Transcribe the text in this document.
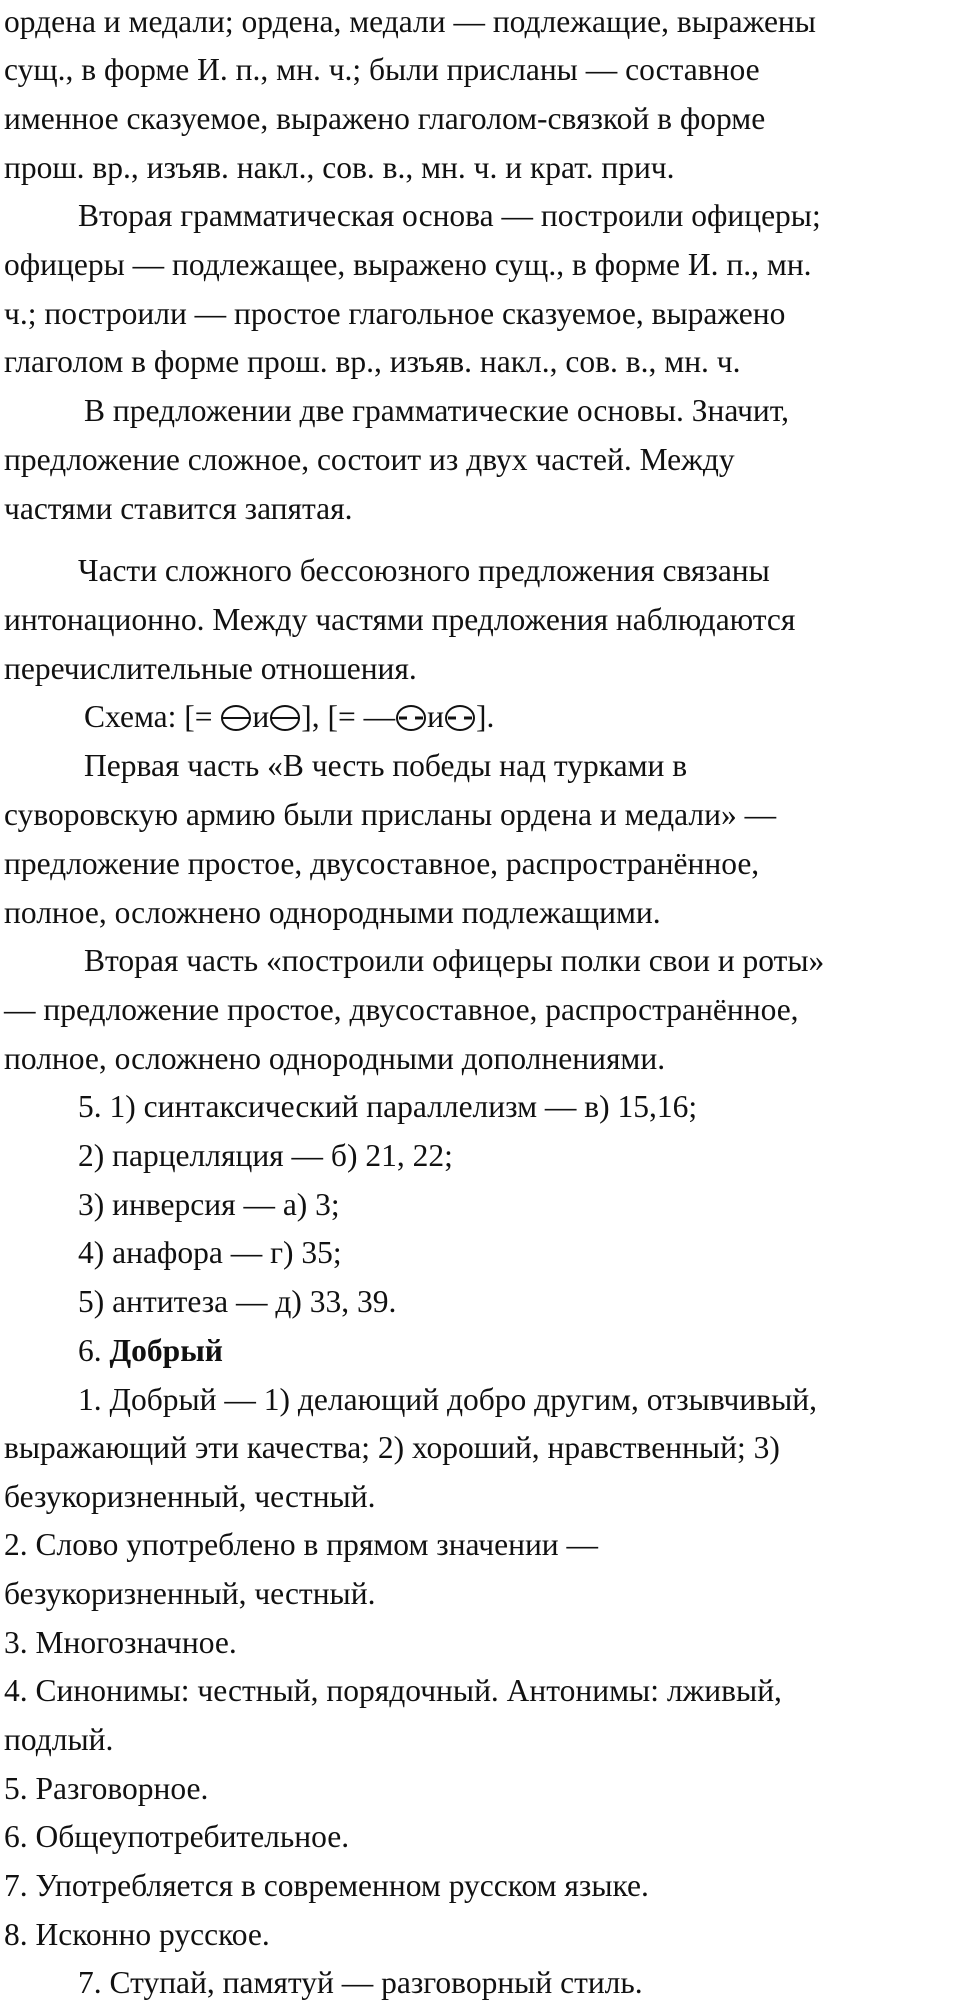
ордена и медали; ордена, медали — подлежащие, выражены
сущ., в форме И. п., мн. ч.; были присланы — составное
именное сказуемое, выражено глаголом-связкой в форме
прош. вр., изъяв. накл., сов. в., мн. ч. и крат. прич.
Вторая грамматическая основа — построили офицеры;
офицеры — подлежащее, выражено сущ., в форме И. п., мн.
ч.; построили — простое глагольное сказуемое, выражено
глаголом в форме прош. вр., изъяв. накл., сов. в., мн. ч.
В предложении две грамматические основы. Значит,
предложение сложное, состоит из двух частей. Между
частями ставится запятая.
Части сложного бессоюзного предложения связаны
интонационно. Между частями предложения наблюдаются
перечислительные отношения.
Схема: [= и ], [= — и ].
Первая часть «В честь победы над турками в
суворовскую армию были присланы ордена и медали» —
предложение простое, двусоставное, распространённое,
полное, осложнено однородными подлежащими.
Вторая часть «построили офицеры полки свои и роты»
— предложение простое, двусоставное, распространённое,
полное, осложнено однородными дополнениями.
5. 1) синтаксический параллелизм — в) 15,16;
2) парцелляция — б) 21, 22;
3) инверсия — а) 3;
4) анафора — г) 35;
5) антитеза — д) 33, 39.
6. Добрый
1. Добрый — 1) делающий добро другим, отзывчивый,
выражающий эти качества; 2) хороший, нравственный; 3)
безукоризненный, честный.
2. Слово употреблено в прямом значении —
безукоризненный, честный.
3. Многозначное.
4. Синонимы: честный, порядочный. Антонимы: лживый,
подлый.
5. Разговорное.
6. Общеупотребительное.
7. Употребляется в современном русском языке.
8. Исконно русское.
7. Ступай, памятуй — разговорный стиль.
